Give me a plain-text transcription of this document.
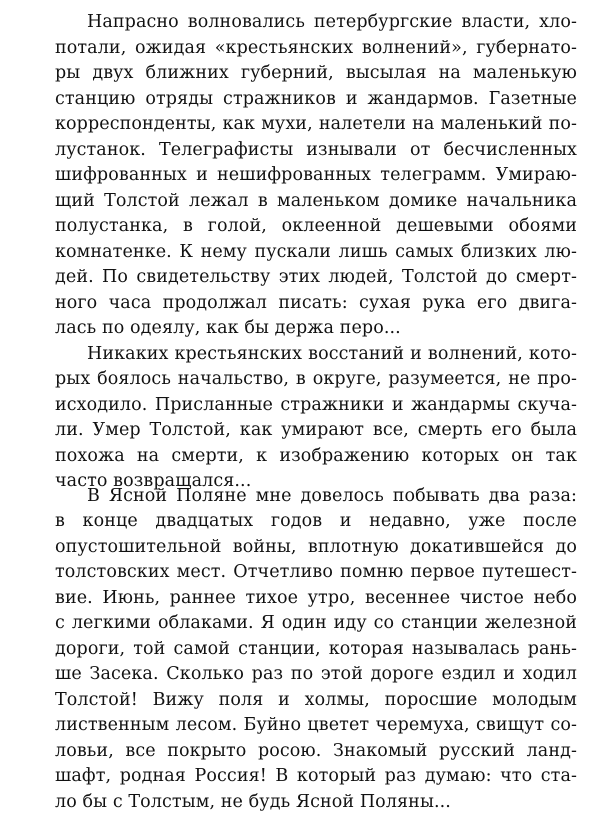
Напрасно волновались петербургские власти, хло-
потали, ожидая «крестьянских волнений», губернато-
ры двух ближних губерний, высылая на маленькую
станцию отряды стражников и жандармов. Газетные
корреспонденты, как мухи, налетели на маленький по-
лустанок. Телеграфисты изнывали от бесчисленных
шифрованных и нешифрованных телеграмм. Умираю-
щий Толстой лежал в маленьком домике начальника
полустанка, в голой, оклеенной дешевыми обоями
комнатенке. К нему пускали лишь самых близких лю-
дей. По свидетельству этих людей, Толстой до смерт-
ного часа продолжал писать: сухая рука его двига-
лась по одеялу, как бы держа перо...
Никаких крестьянских восстаний и волнений, кото-
рых боялось начальство, в округе, разумеется, не про-
исходило. Присланные стражники и жандармы скуча-
ли. Умер Толстой, как умирают все, смерть его была
похожа на смерти, к изображению которых он так
часто возвращался...
В Ясной Поляне мне довелось побывать два раза:
в конце двадцатых годов и недавно, уже после
опустошительной войны, вплотную докатившейся до
толстовских мест. Отчетливо помню первое путешест-
вие. Июнь, раннее тихое утро, весеннее чистое небо
с легкими облаками. Я один иду со станции железной
дороги, той самой станции, которая называлась рань-
ше Засека. Сколько раз по этой дороге ездил и ходил
Толстой! Вижу поля и холмы, поросшие молодым
лиственным лесом. Буйно цветет черемуха, свищут со-
ловьи, все покрыто росою. Знакомый русский ланд-
шафт, родная Россия! В который раз думаю: что ста-
ло бы с Толстым, не будь Ясной Поляны...
